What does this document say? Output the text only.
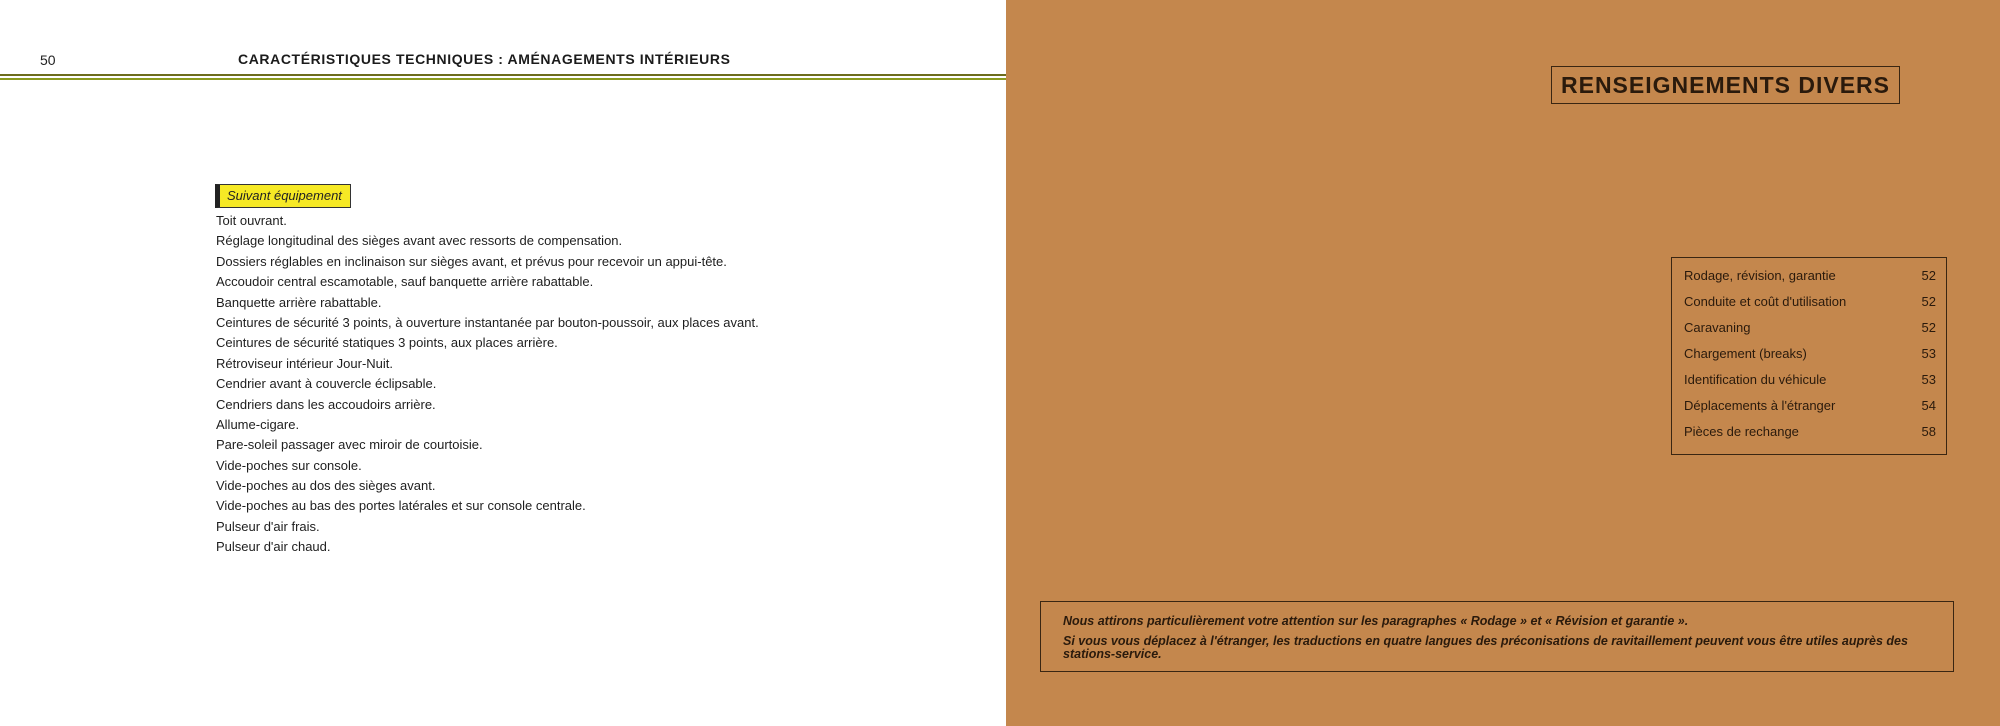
50	CARACTÉRISTIQUES TECHNIQUES : AMÉNAGEMENTS INTÉRIEURS
Suivant équipement
Toit ouvrant.
Réglage longitudinal des sièges avant avec ressorts de compensation.
Dossiers réglables en inclinaison sur sièges avant, et prévus pour recevoir un appui-tête.
Accoudoir central escamotable, sauf banquette arrière rabattable.
Banquette arrière rabattable.
Ceintures de sécurité 3 points, à ouverture instantanée par bouton-poussoir, aux places avant.
Ceintures de sécurité statiques 3 points, aux places arrière.
Rétroviseur intérieur Jour-Nuit.
Cendrier avant à couvercle éclipsable.
Cendriers dans les accoudoirs arrière.
Allume-cigare.
Pare-soleil passager avec miroir de courtoisie.
Vide-poches sur console.
Vide-poches au dos des sièges avant.
Vide-poches au bas des portes latérales et sur console centrale.
Pulseur d'air frais.
Pulseur d'air chaud.
RENSEIGNEMENTS DIVERS
Rodage, révision, garantie	52
Conduite et coût d'utilisation	52
Caravaning	52
Chargement (breaks)	53
Identification du véhicule	53
Déplacements à l'étranger	54
Pièces de rechange	58

Nous attirons particulièrement votre attention sur les paragraphes « Rodage » et « Révision et garantie ».

Si vous vous déplacez à l'étranger, les traductions en quatre langues des préconisations de ravitaillement peuvent vous être utiles auprès des stations-service.
